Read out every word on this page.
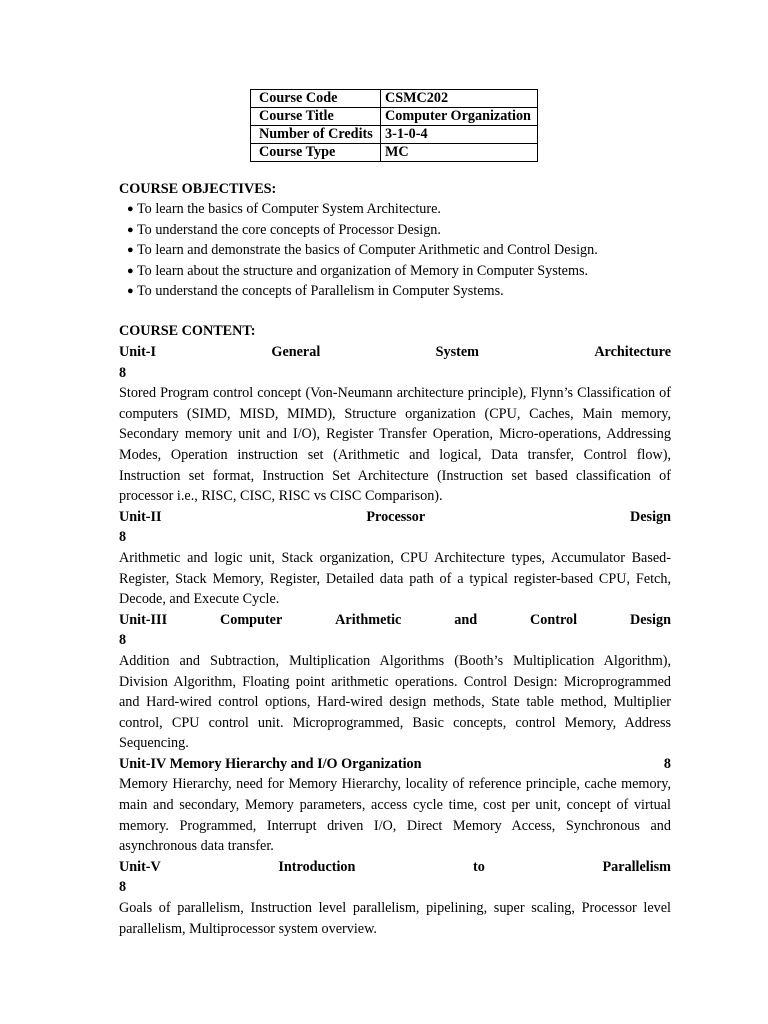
Course Code	CSMC202
Course Title	Computer Organization
Number of Credits	3-1-0-4
Course Type	MC
COURSE OBJECTIVES:
● To learn the basics of Computer System Architecture.
● To understand the core concepts of Processor Design.
● To learn and demonstrate the basics of Computer Arithmetic and Control Design.
● To learn about the structure and organization of Memory in Computer Systems.
● To understand the concepts of Parallelism in Computer Systems.
COURSE CONTENT:
Unit-I	General	System	Architecture
8

Stored Program control concept (Von-Neumann architecture principle), Flynn’s Classification of computers (SIMD, MISD, MIMD), Structure organization (CPU, Caches, Main memory, Secondary memory unit and I/O), Register Transfer Operation, Micro-operations, Addressing Modes, Operation instruction set (Arithmetic and logical, Data transfer, Control flow), Instruction set format, Instruction Set Architecture (Instruction set based classification of processor i.e., RISC, CISC, RISC vs CISC Comparison).

Unit-II	Processor	Design
8

Arithmetic and logic unit, Stack organization, CPU Architecture types, Accumulator Based- Register, Stack Memory, Register, Detailed data path of a typical register-based CPU, Fetch, Decode, and Execute Cycle.

Unit-III	Computer	Arithmetic	and	Control	Design
8

Addition and Subtraction, Multiplication Algorithms (Booth’s Multiplication Algorithm), Division Algorithm, Floating point arithmetic operations. Control Design: Microprogrammed and Hard-wired control options, Hard-wired design methods, State table method, Multiplier control, CPU control unit. Microprogrammed, Basic concepts, control Memory, Address Sequencing.

Unit-IV Memory Hierarchy and I/O Organization	8

Memory Hierarchy, need for Memory Hierarchy, locality of reference principle, cache memory, main and secondary, Memory parameters, access cycle time, cost per unit, concept of virtual memory. Programmed, Interrupt driven I/O, Direct Memory Access, Synchronous and asynchronous data transfer.

Unit-V	Introduction	to	Parallelism
8

Goals of parallelism, Instruction level parallelism, pipelining, super scaling, Processor level parallelism, Multiprocessor system overview.
